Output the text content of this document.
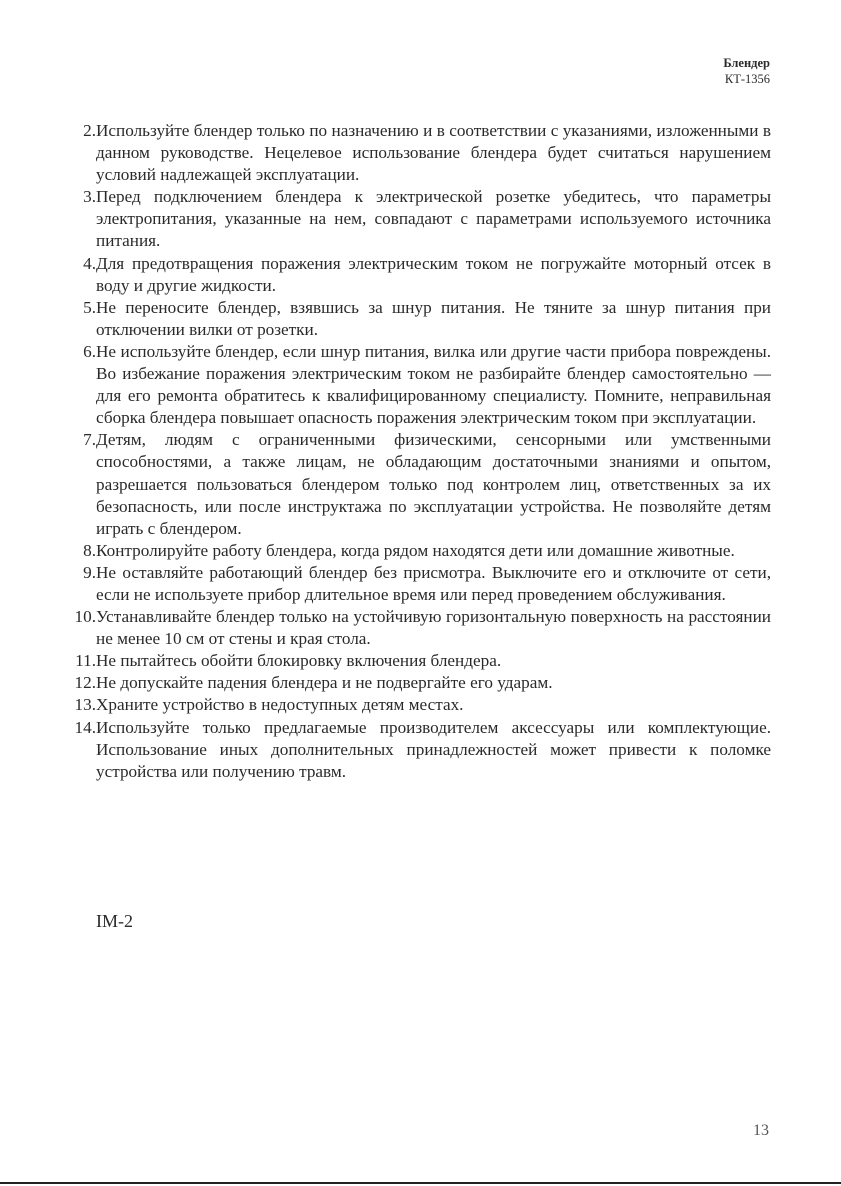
Блендер
КТ-1356
2. Используйте блендер только по назначению и в соответствии с указаниями, изложенными в данном руководстве. Нецелевое использование блендера будет считаться нарушением условий надлежащей эксплуатации.
3. Перед подключением блендера к электрической розетке убедитесь, что параметры электропитания, указанные на нем, совпадают с параметрами используемого источника питания.
4. Для предотвращения поражения электрическим током не погружайте моторный отсек в воду и другие жидкости.
5. Не переносите блендер, взявшись за шнур питания. Не тяните за шнур питания при отключении вилки от розетки.
6. Не используйте блендер, если шнур питания, вилка или другие части прибора повреждены. Во избежание поражения электрическим током не разбирайте блендер самостоятельно — для его ремонта обратитесь к квалифицированному специалисту. Помните, неправильная сборка блендера повышает опасность поражения электрическим током при эксплуатации.
7. Детям, людям с ограниченными физическими, сенсорными или умственными способностями, а также лицам, не обладающим достаточными знаниями и опытом, разрешается пользоваться блендером только под контролем лиц, ответственных за их безопасность, или после инструктажа по эксплуатации устройства. Не позволяйте детям играть с блендером.
8. Контролируйте работу блендера, когда рядом находятся дети или домашние животные.
9. Не оставляйте работающий блендер без присмотра. Выключите его и отключите от сети, если не используете прибор длительное время или перед проведением обслуживания.
10. Устанавливайте блендер только на устойчивую горизонтальную поверхность на расстоянии не менее 10 см от стены и края стола.
11. Не пытайтесь обойти блокировку включения блендера.
12. Не допускайте падения блендера и не подвергайте его ударам.
13. Храните устройство в недоступных детям местах.
14. Используйте только предлагаемые производителем аксессуары или комплектующие. Использование иных дополнительных принадлежностей может привести к поломке устройства или получению травм.
IM-2
13
